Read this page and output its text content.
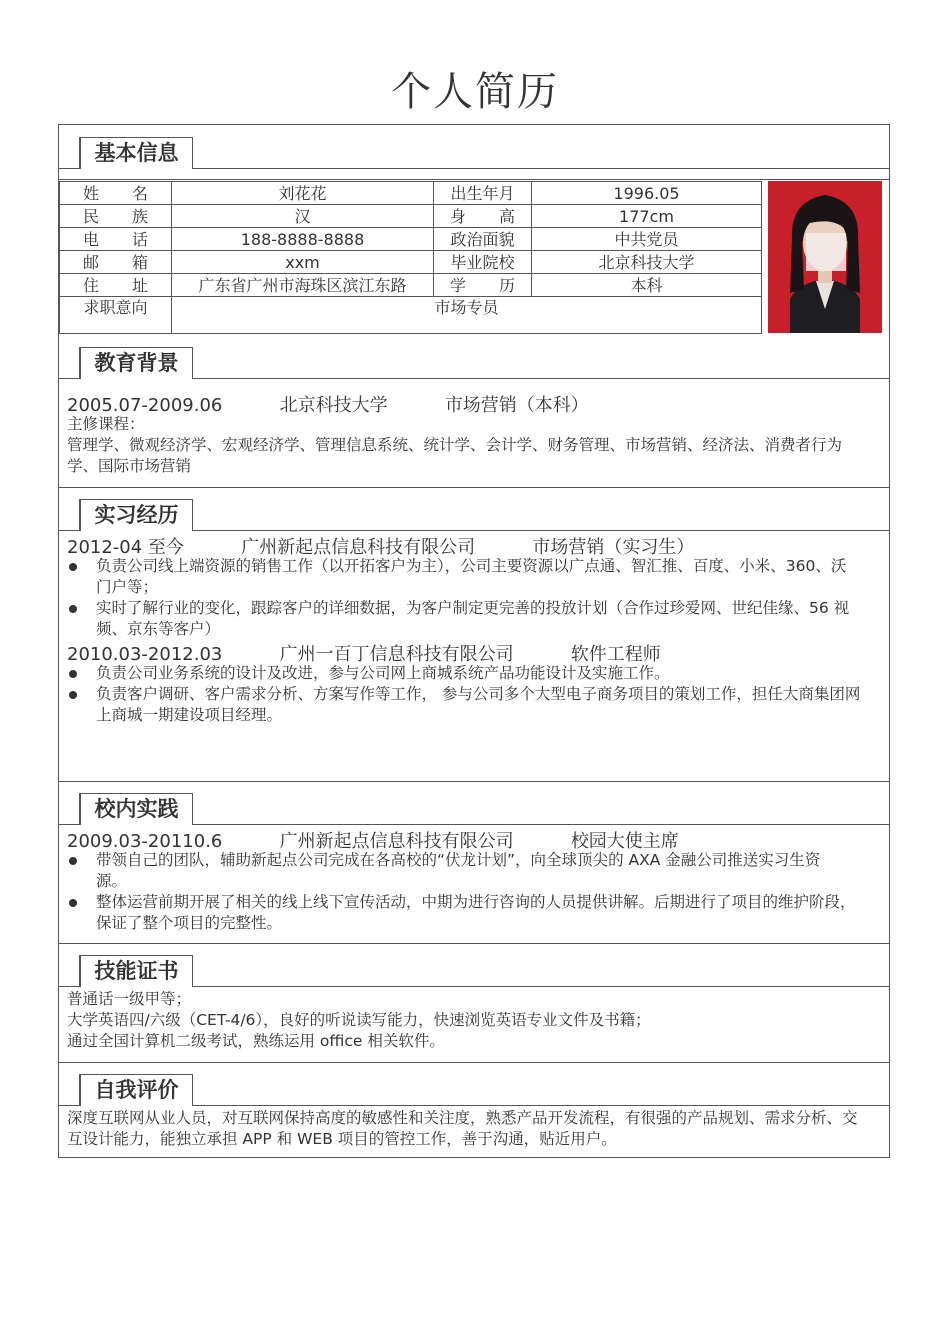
个人简历
基本信息
姓 名	刘花花	出生年月	1996.05
民 族	汉	身 高	177cm
电 话	188-8888-8888	政治面貌	中共党员
邮 箱	xxm	毕业院校	北京科技大学
住 址	广东省广州市海珠区滨江东路	学 历	本科
求职意向	市场专员		
教育背景
2005.07-2009.06	北京科技大学	市场营销（本科）
主修课程：
管理学、微观经济学、宏观经济学、管理信息系统、统计学、会计学、财务管理、市场营销、经济法、消费者行为
学、国际市场营销
实习经历
2012-04 至今	广州新起点信息科技有限公司	市场营销（实习生）
负责公司线上端资源的销售工作（以开拓客户为主），公司主要资源以广点通、智汇推、百度、小米、360、沃
门户等；
实时了解行业的变化，跟踪客户的详细数据，为客户制定更完善的投放计划（合作过珍爱网、世纪佳缘、56 视
频、京东等客户）
2010.03-2012.03	广州一百丁信息科技有限公司	软件工程师
负责公司业务系统的设计及改进，参与公司网上商城系统产品功能设计及实施工作。
负责客户调研、客户需求分析、方案写作等工作， 参与公司多个大型电子商务项目的策划工作，担任大商集团网
上商城一期建设项目经理。
校内实践
2009.03-20110.6	广州新起点信息科技有限公司	校园大使主席
带领自己的团队，辅助新起点公司完成在各高校的“伏龙计划”，向全球顶尖的 AXA 金融公司推送实习生资
源。
整体运营前期开展了相关的线上线下宣传活动，中期为进行咨询的人员提供讲解。后期进行了项目的维护阶段，
保证了整个项目的完整性。
技能证书
普通话一级甲等；
大学英语四/六级（CET-4/6），良好的听说读写能力，快速浏览英语专业文件及书籍；
通过全国计算机二级考试，熟练运用 office 相关软件。
自我评价
深度互联网从业人员，对互联网保持高度的敏感性和关注度，熟悉产品开发流程，有很强的产品规划、需求分析、交
互设计能力，能独立承担 APP 和 WEB 项目的管控工作，善于沟通，贴近用户。
